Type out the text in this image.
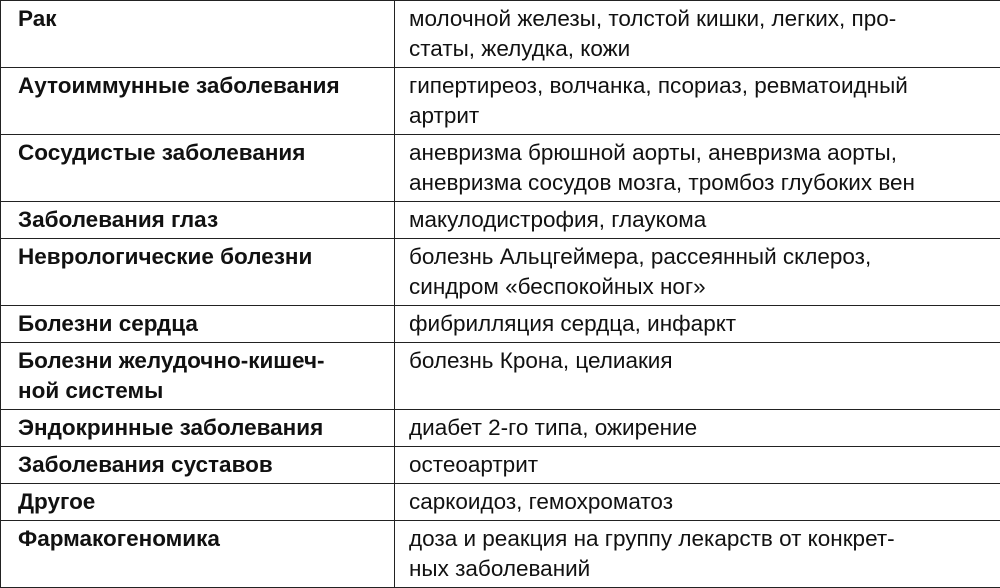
Рак	молочной железы, толстой кишки, легких, про-
статы, желудка, кожи
Аутоиммунные заболевания	гипертиреоз, волчанка, псориаз, ревматоидный
артрит
Сосудистые заболевания	аневризма брюшной аорты, аневризма аорты,
аневризма сосудов мозга, тромбоз глубоких вен
Заболевания глаз	макулодистрофия, глаукома
Неврологические болезни	болезнь Альцгеймера, рассеянный склероз,
синдром «беспокойных ног»
Болезни сердца	фибрилляция сердца, инфаркт
Болезни желудочно-кишеч-
ной системы	болезнь Крона, целиакия
Эндокринные заболевания	диабет 2-го типа, ожирение
Заболевания суставов	остеоартрит
Другое	саркоидоз, гемохроматоз
Фармакогеномика	доза и реакция на группу лекарств от конкрет-
ных заболеваний
